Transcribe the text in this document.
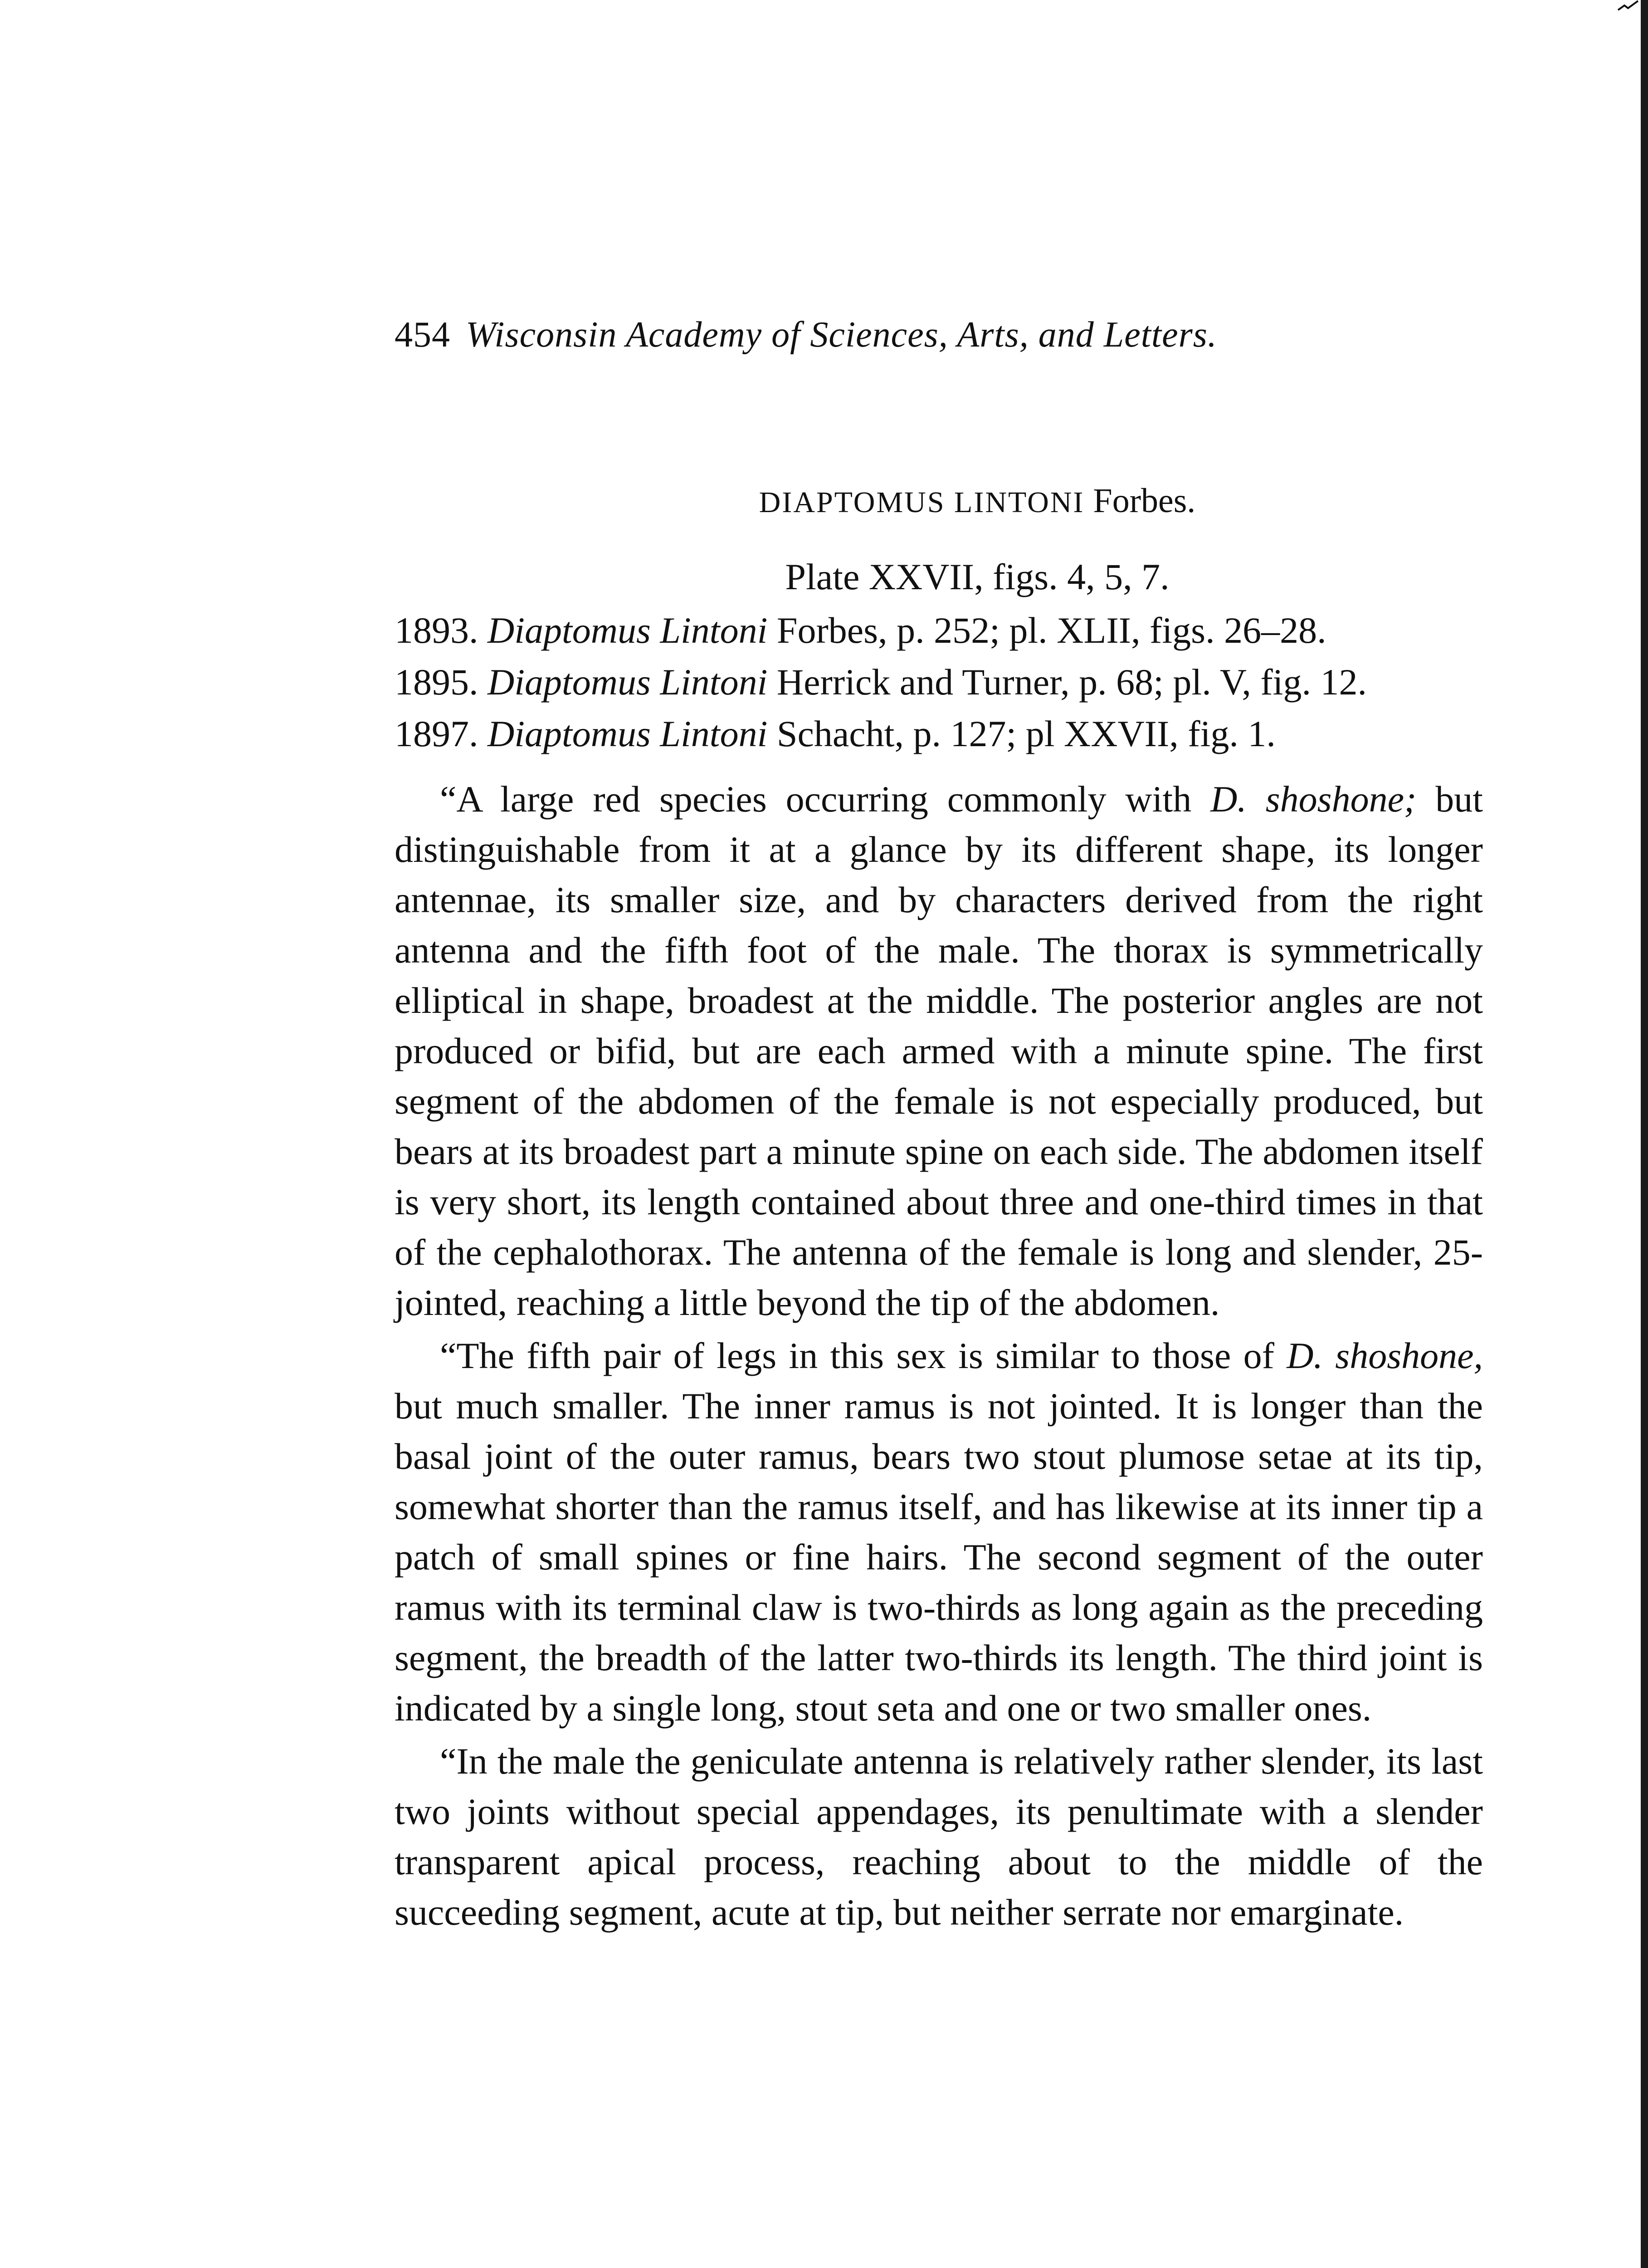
454 Wisconsin Academy of Sciences, Arts, and Letters.
DIAPTOMUS LINTONI Forbes.
Plate XXVII, figs. 4, 5, 7.
1893. Diaptomus Lintoni Forbes, p. 252; pl. XLII, figs. 26–28.
1895. Diaptomus Lintoni Herrick and Turner, p. 68; pl. V, fig. 12.
1897. Diaptomus Lintoni Schacht, p. 127; pl XXVII, fig. 1.

“A large red species occurring commonly with D. shoshone; but distinguishable from it at a glance by its different shape, its longer antennae, its smaller size, and by characters derived from the right antenna and the fifth foot of the male. The thorax is symmetrically elliptical in shape, broadest at the middle. The posterior angles are not produced or bifid, but are each armed with a minute spine. The first segment of the abdomen of the female is not especially produced, but bears at its broadest part a minute spine on each side. The abdomen itself is very short, its length contained about three and one-third times in that of the cephalothorax. The antenna of the female is long and slender, 25-jointed, reaching a little beyond the tip of the abdomen.

“The fifth pair of legs in this sex is similar to those of D. shoshone, but much smaller. The inner ramus is not jointed. It is longer than the basal joint of the outer ramus, bears two stout plumose setae at its tip, somewhat shorter than the ramus itself, and has likewise at its inner tip a patch of small spines or fine hairs. The second segment of the outer ramus with its terminal claw is two-thirds as long again as the preceding segment, the breadth of the latter two-thirds its length. The third joint is indicated by a single long, stout seta and one or two smaller ones.

“In the male the geniculate antenna is relatively rather slender, its last two joints without special appendages, its penultimate with a slender transparent apical process, reaching about to the middle of the succeeding segment, acute at tip, but neither serrate nor emarginate.
